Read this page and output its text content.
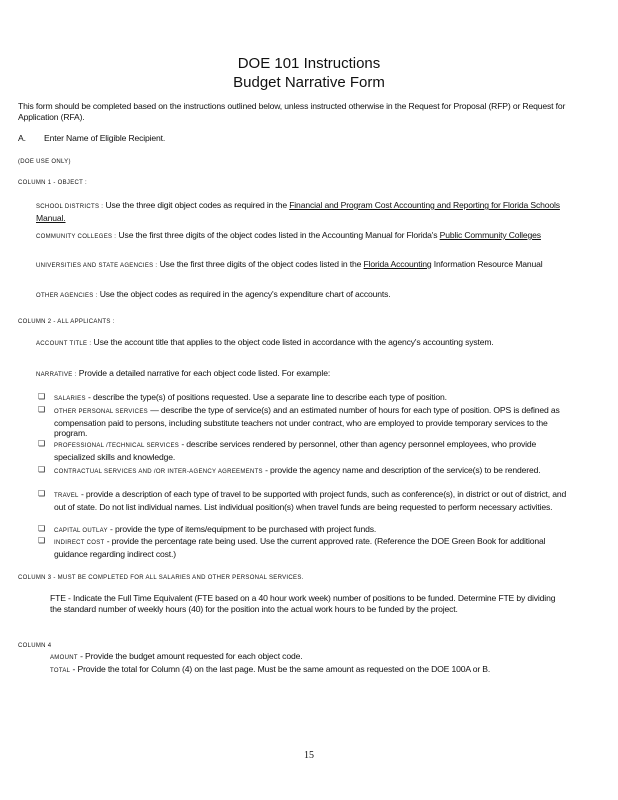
DOE 101 Instructions
Budget Narrative Form
This form should be completed based on the instructions outlined below, unless instructed otherwise in the Request for Proposal (RFP) or Request for Application (RFA).
A. Enter Name of Eligible Recipient.
(DOE USE ONLY)
COLUMN 1 - OBJECT :
SCHOOL DISTRICTS : Use the three digit object codes as required in the Financial and Program Cost Accounting and Reporting for Florida Schools Manual.
COMMUNITY COLLEGES : Use the first three digits of the object codes listed in the Accounting Manual for Florida's Public Community Colleges
UNIVERSITIES AND STATE AGENCIES : Use the first three digits of the object codes listed in the Florida Accounting Information Resource Manual
OTHER AGENCIES : Use the object codes as required in the agency's expenditure chart of accounts.
COLUMN 2 - ALL APPLICANTS :
ACCOUNT TITLE : Use the account title that applies to the object code listed in accordance with the agency's accounting system.
NARRATIVE : Provide a detailed narrative for each object code listed. For example:
❏ SALARIES - describe the type(s) of positions requested. Use a separate line to describe each type of position.
❏ OTHER PERSONAL SERVICES — describe the type of service(s) and an estimated number of hours for each type of position. OPS is defined as compensation paid to persons, including substitute teachers not under contract, who are employed to provide temporary services to the program.
❏ PROFESSIONAL /TECHNICAL SERVICES - describe services rendered by personnel, other than agency personnel employees, who provide specialized skills and knowledge.
❏ CONTRACTUAL SERVICES AND /OR INTER-AGENCY AGREEMENTS - provide the agency name and description of the service(s) to be rendered.
❏ TRAVEL - provide a description of each type of travel to be supported with project funds, such as conference(s), in district or out of district, and out of state. Do not list individual names. List individual position(s) when travel funds are being requested to perform necessary activities.
❏ CAPITAL OUTLAY - provide the type of items/equipment to be purchased with project funds.
❏ INDIRECT COST - provide the percentage rate being used. Use the current approved rate. (Reference the DOE Green Book for additional guidance regarding indirect cost.)
COLUMN 3 - MUST BE COMPLETED FOR ALL SALARIES AND OTHER PERSONAL SERVICES.
FTE - Indicate the Full Time Equivalent (FTE based on a 40 hour work week) number of positions to be funded. Determine FTE by dividing the standard number of weekly hours (40) for the position into the actual work hours to be funded by the project.
COLUMN 4
AMOUNT - Provide the budget amount requested for each object code.
TOTAL - Provide the total for Column (4) on the last page. Must be the same amount as requested on the DOE 100A or B.
15
